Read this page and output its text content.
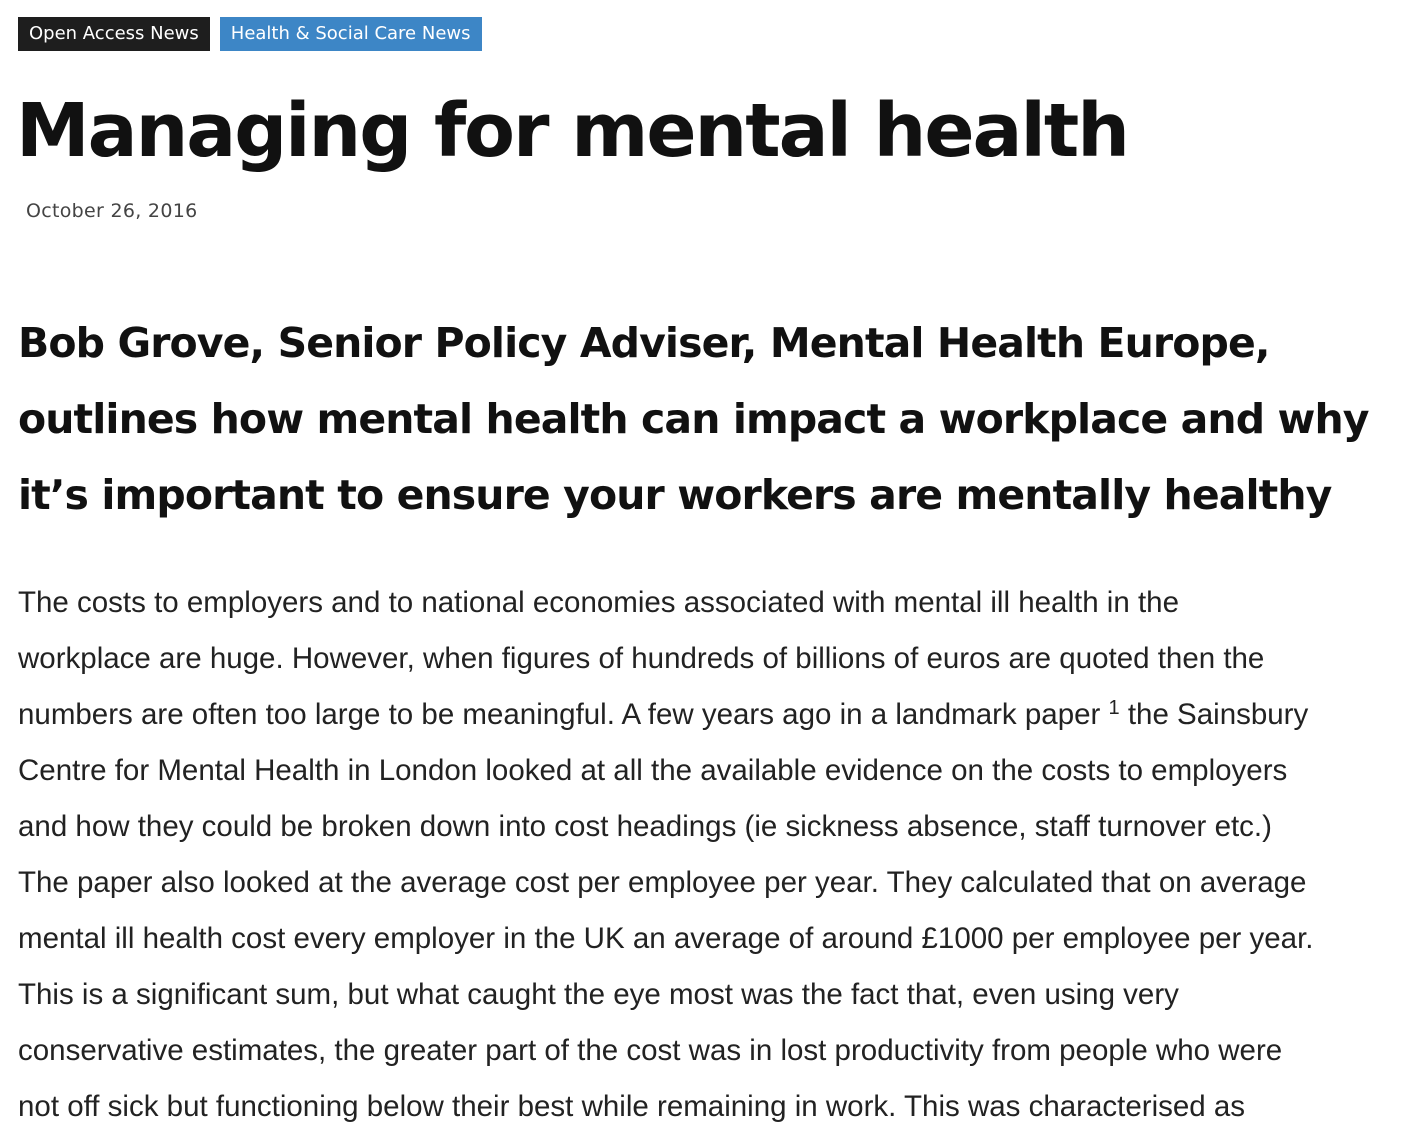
Open Access News	Health & Social Care News
Managing for mental health
October 26, 2016
Bob Grove, Senior Policy Adviser, Mental Health Europe, outlines how mental health can impact a workplace and why it’s important to ensure your workers are mentally healthy
The costs to employers and to national economies associated with mental ill health in the
workplace are huge. However, when figures of hundreds of billions of euros are quoted then the
numbers are often too large to be meaningful. A few years ago in a landmark paper $^1$ the Sainsbury
Centre for Mental Health in London looked at all the available evidence on the costs to employers
and how they could be broken down into cost headings (ie sickness absence, staff turnover etc.)
The paper also looked at the average cost per employee per year. They calculated that on average
mental ill health cost every employer in the UK an average of around £1000 per employee per year.
This is a significant sum, but what caught the eye most was the fact that, even using very
conservative estimates, the greater part of the cost was in lost productivity from people who were
not off sick but functioning below their best while remaining in work. This was characterised as
